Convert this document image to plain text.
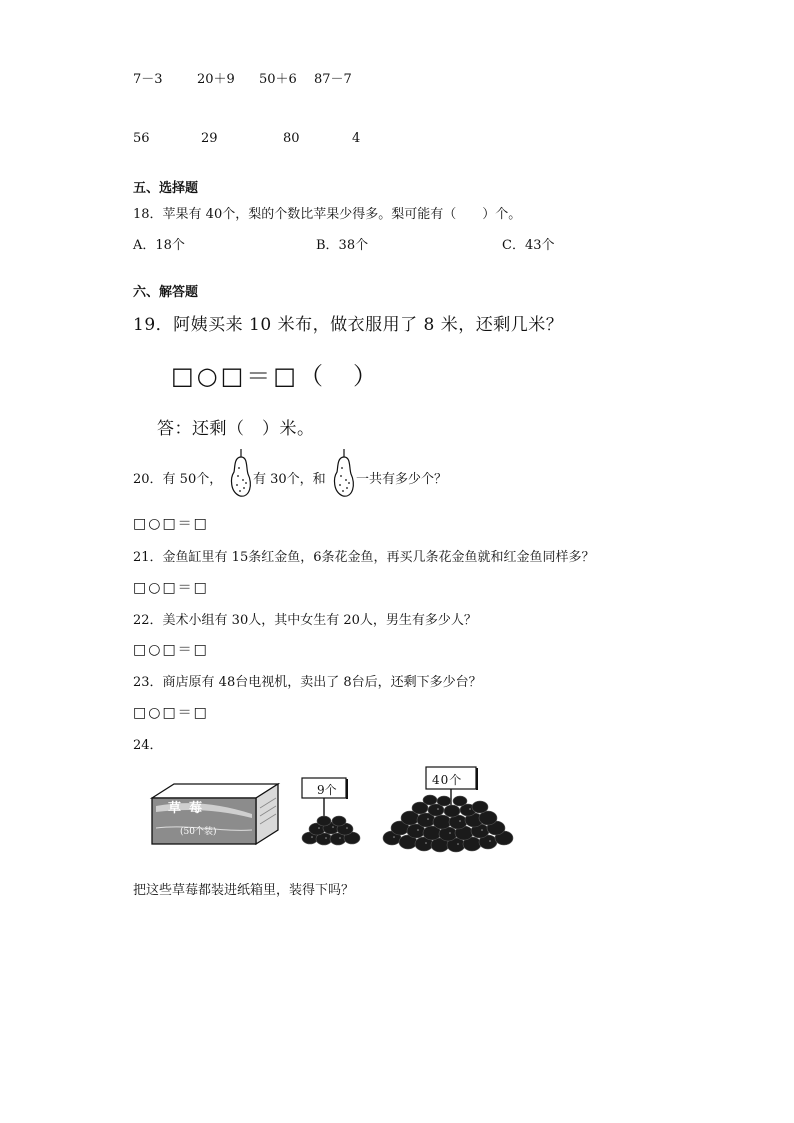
7－3	20＋9 50＋6 87－7
56	29	80	4
五、选择题
18．苹果有 40个，梨的个数比苹果少得多。梨可能有（　　）个。
A．18个	B．38个	C．43个
六、解答题
19．阿姨买来 10 米布，做衣服用了 8 米，还剩几米？
□○□＝□（　）
答：还剩（　）米。
20．有 50个， 有 30个，和 一共有多少个？
□○□＝□
21．金鱼缸里有 15条红金鱼，6条花金鱼，再买几条花金鱼就和红金鱼同样多？
□○□＝□
22．美术小组有 30人，其中女生有 20人，男生有多少人？
□○□＝□
23．商店原有 48台电视机，卖出了 8台后，还剩下多少台？
□○□＝□
24．
草莓
(50个装)
9个
40个
把这些草莓都装进纸箱里，装得下吗？
